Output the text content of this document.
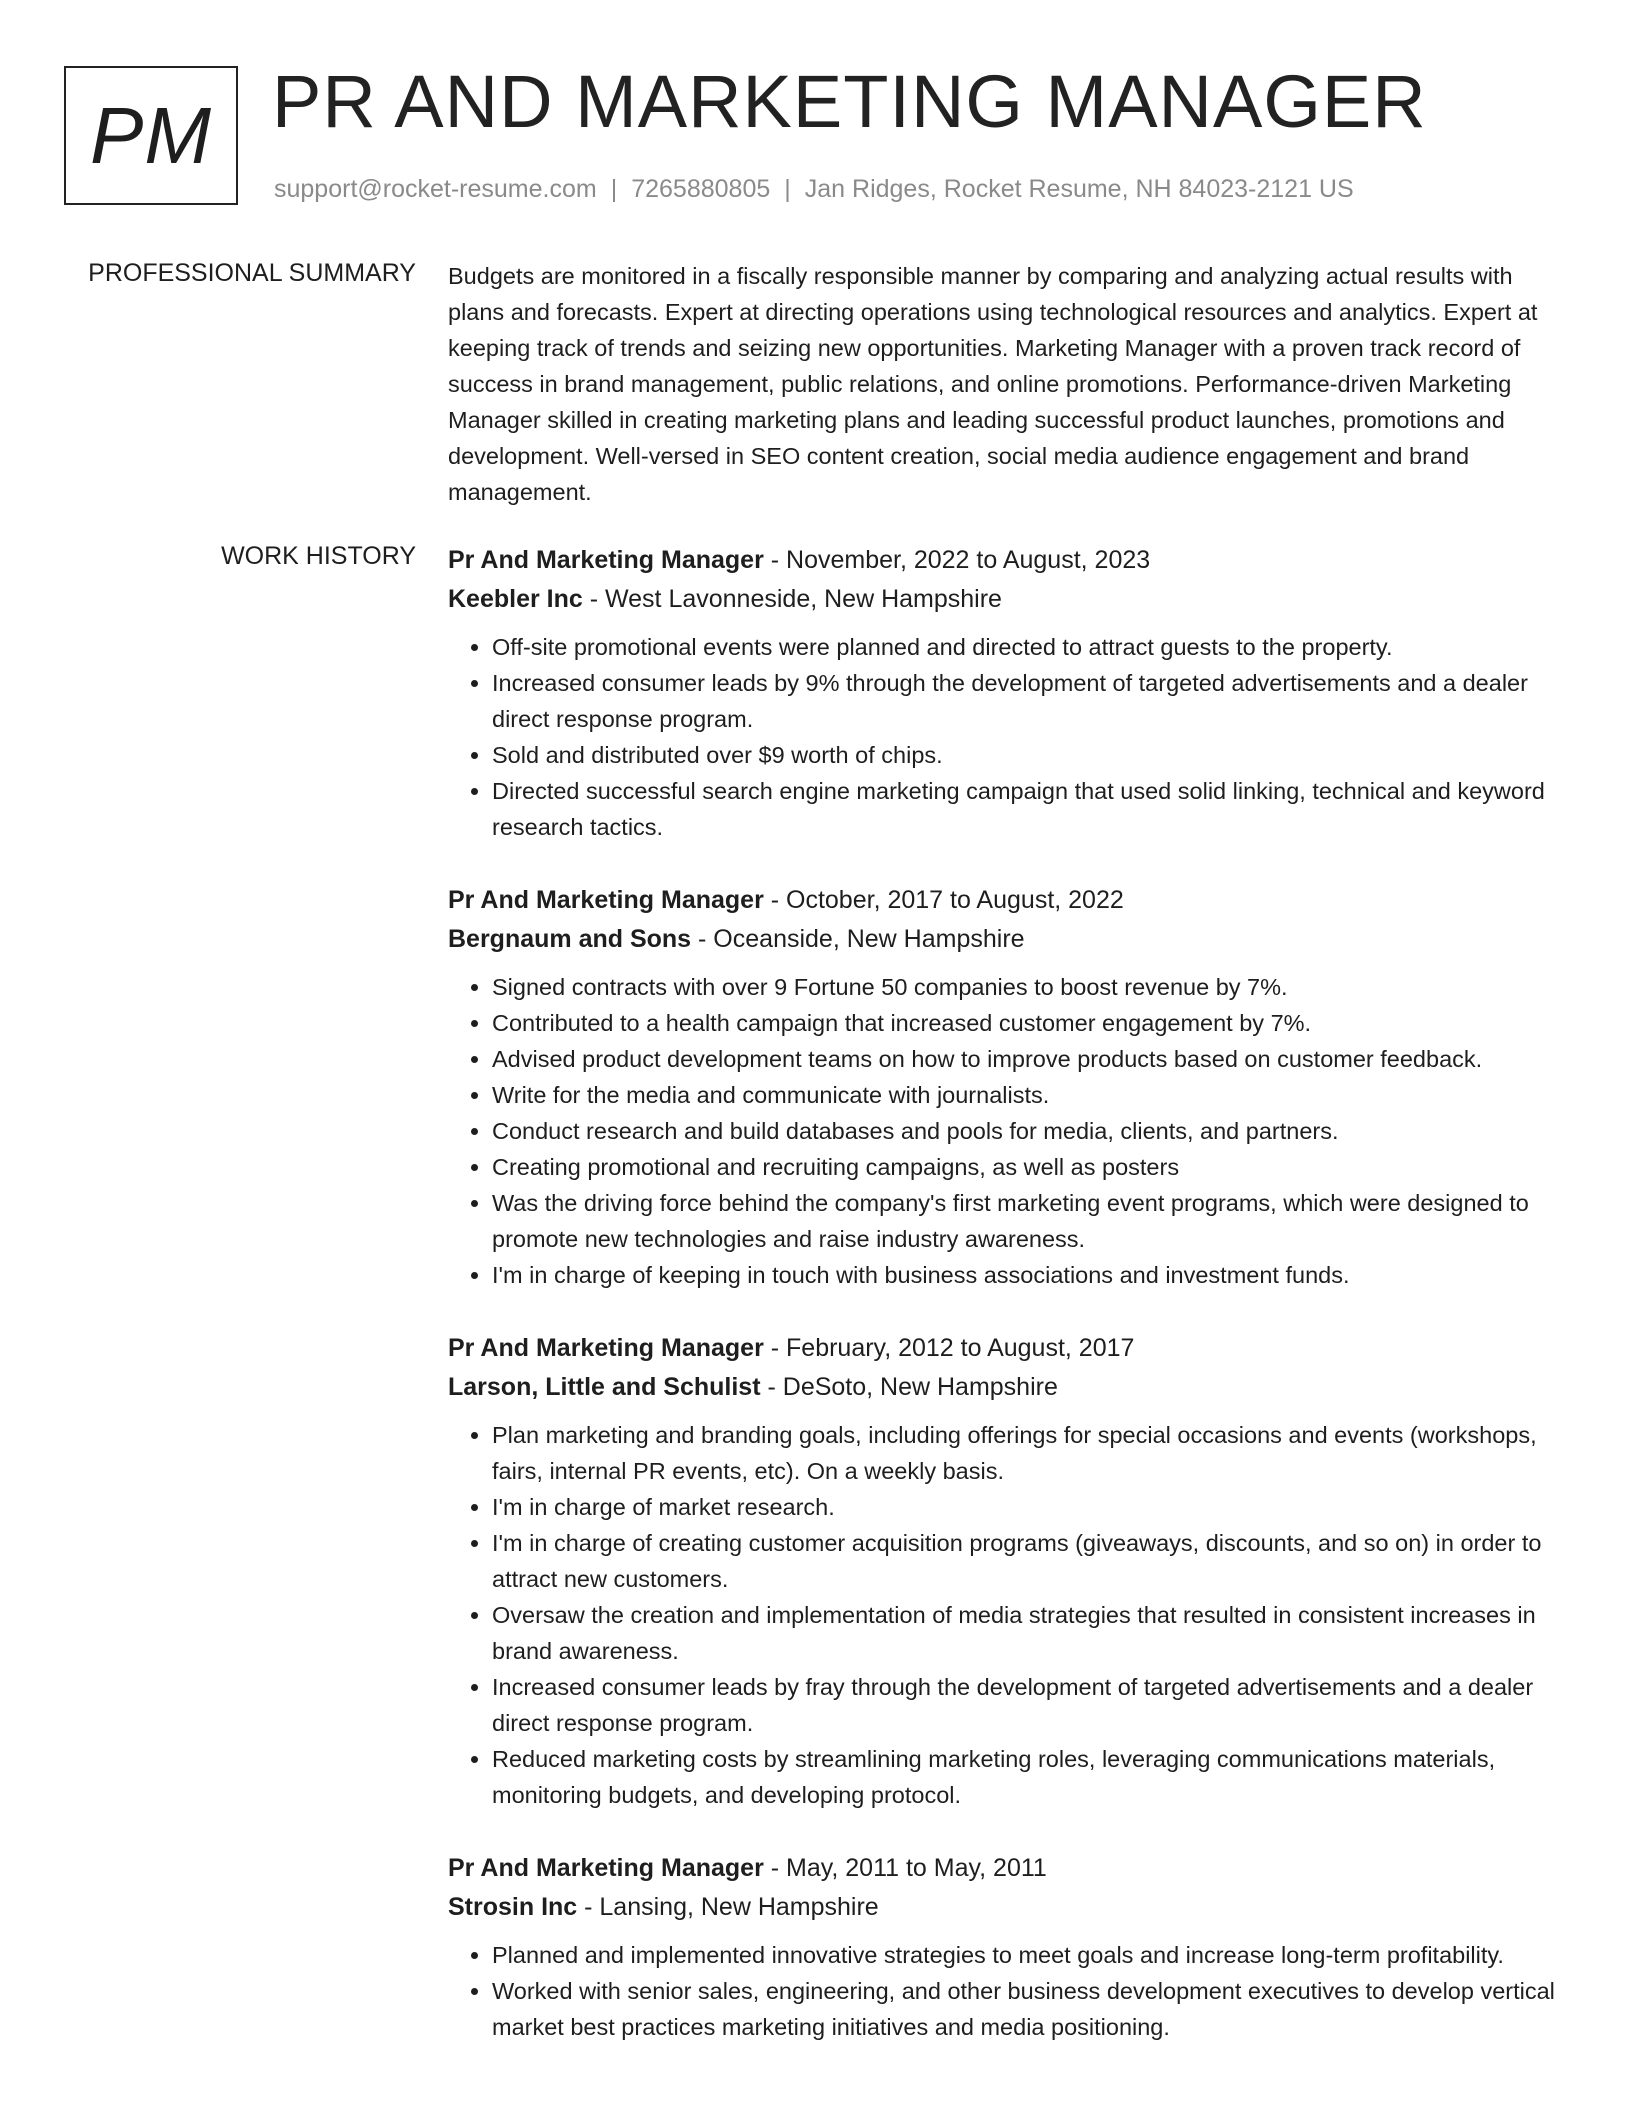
PM PR AND MARKETING MANAGER
support@rocket-resume.com | 7265880805 | Jan Ridges, Rocket Resume, NH 84023-2121 US
PROFESSIONAL SUMMARY Budgets are monitored in a fiscally responsible manner by comparing and analyzing actual results with plans and forecasts. Expert at directing operations using technological resources and analytics. Expert at keeping track of trends and seizing new opportunities. Marketing Manager with a proven track record of success in brand management, public relations, and online promotions. Performance-driven Marketing Manager skilled in creating marketing plans and leading successful product launches, promotions and development. Well-versed in SEO content creation, social media audience engagement and brand management.

WORK HISTORY Pr And Marketing Manager - November, 2022 to August, 2023
Keebler Inc - West Lavonneside, New Hampshire
• Off-site promotional events were planned and directed to attract guests to the property.
• Increased consumer leads by 9% through the development of targeted advertisements and a dealer direct response program.
• Sold and distributed over $9 worth of chips.
• Directed successful search engine marketing campaign that used solid linking, technical and keyword research tactics.
Pr And Marketing Manager - October, 2017 to August, 2022
Bergnaum and Sons - Oceanside, New Hampshire
• Signed contracts with over 9 Fortune 50 companies to boost revenue by 7%.
• Contributed to a health campaign that increased customer engagement by 7%.
• Advised product development teams on how to improve products based on customer feedback.
• Write for the media and communicate with journalists.
• Conduct research and build databases and pools for media, clients, and partners.
• Creating promotional and recruiting campaigns, as well as posters
• Was the driving force behind the company's first marketing event programs, which were designed to promote new technologies and raise industry awareness.
• I'm in charge of keeping in touch with business associations and investment funds.
Pr And Marketing Manager - February, 2012 to August, 2017
Larson, Little and Schulist - DeSoto, New Hampshire
• Plan marketing and branding goals, including offerings for special occasions and events (workshops, fairs, internal PR events, etc). On a weekly basis.
• I'm in charge of market research.
• I'm in charge of creating customer acquisition programs (giveaways, discounts, and so on) in order to attract new customers.
• Oversaw the creation and implementation of media strategies that resulted in consistent increases in brand awareness.
• Increased consumer leads by fray through the development of targeted advertisements and a dealer direct response program.
• Reduced marketing costs by streamlining marketing roles, leveraging communications materials, monitoring budgets, and developing protocol.
Pr And Marketing Manager - May, 2011 to May, 2011
Strosin Inc - Lansing, New Hampshire
• Planned and implemented innovative strategies to meet goals and increase long-term profitability.
• Worked with senior sales, engineering, and other business development executives to develop vertical market best practices marketing initiatives and media positioning.
